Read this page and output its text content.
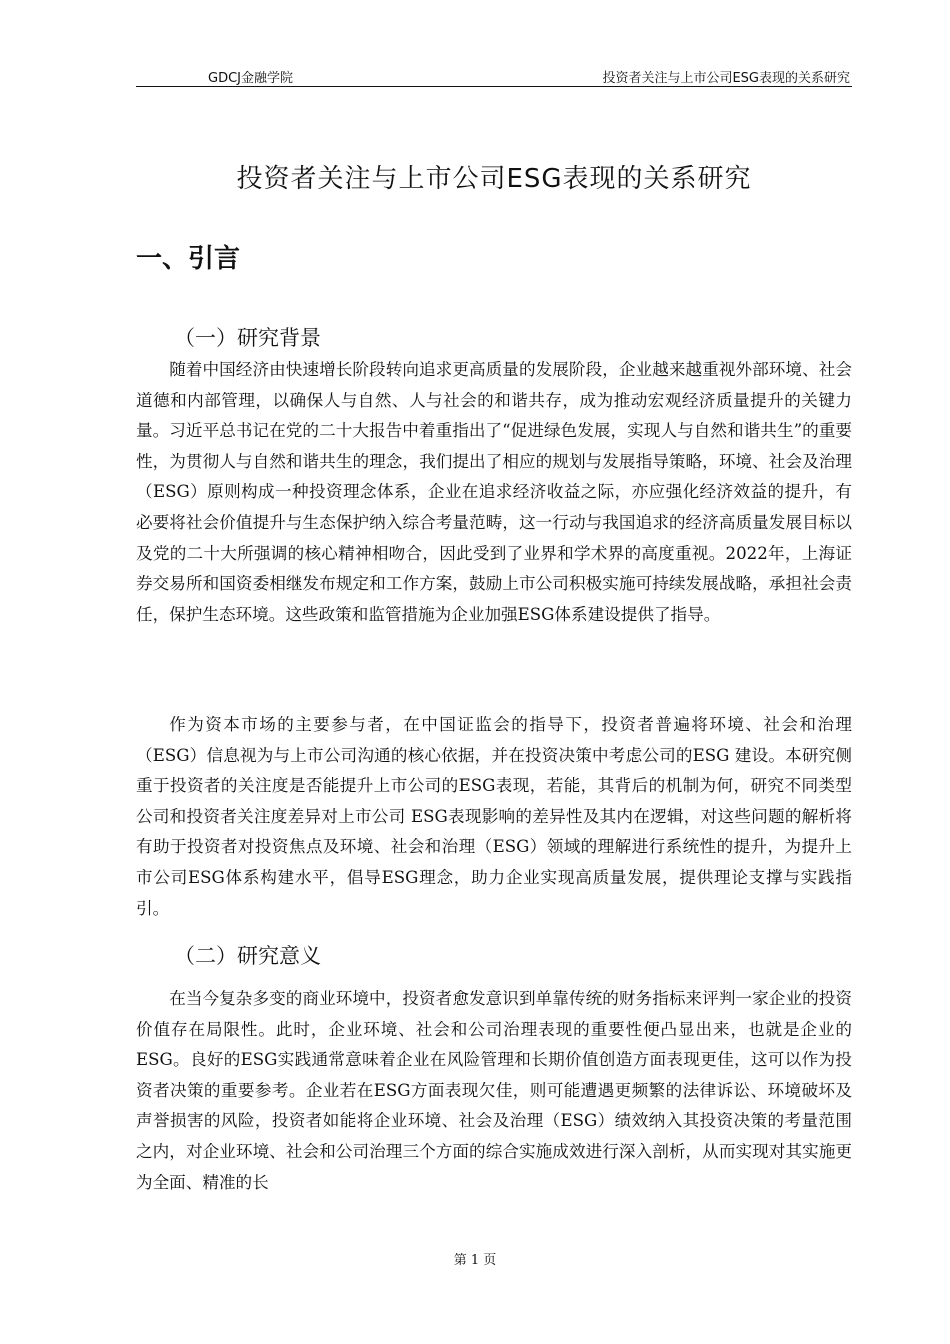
GDCJ金融学院	投资者关注与上市公司ESG表现的关系研究
投资者关注与上市公司ESG表现的关系研究
一、引言
（一）研究背景

随着中国经济由快速增长阶段转向追求更高质量的发展阶段，企业越来越重视外部环境、社会道德和内部管理，以确保人与自然、人与社会的和谐共存，成为推动宏观经济质量提升的关键力量。习近平总书记在党的二十大报告中着重指出了“促进绿色发展，实现人与自然和谐共生”的重要性，为贯彻人与自然和谐共生的理念，我们提出了相应的规划与发展指导策略，环境、社会及治理（ESG）原则构成一种投资理念体系，企业在追求经济收益之际，亦应强化经济效益的提升，有必要将社会价值提升与生态保护纳入综合考量范畴，这一行动与我国追求的经济高质量发展目标以及党的二十大所强调的核心精神相吻合，因此受到了业界和学术界的高度重视。2022年，上海证券交易所和国资委相继发布规定和工作方案，鼓励上市公司积极实施可持续发展战略，承担社会责任，保护生态环境。这些政策和监管措施为企业加强ESG体系建设提供了指导。

作为资本市场的主要参与者，在中国证监会的指导下，投资者普遍将环境、社会和治理（ESG）信息视为与上市公司沟通的核心依据，并在投资决策中考虑公司的ESG 建设。本研究侧重于投资者的关注度是否能提升上市公司的ESG表现，若能，其背后的机制为何，研究不同类型公司和投资者关注度差异对上市公司 ESG表现影响的差异性及其内在逻辑，对这些问题的解析将有助于投资者对投资焦点及环境、社会和治理（ESG）领域的理解进行系统性的提升，为提升上市公司ESG体系构建水平，倡导ESG理念，助力企业实现高质量发展，提供理论支撑与实践指引。

（二）研究意义

在当今复杂多变的商业环境中，投资者愈发意识到单靠传统的财务指标来评判一家企业的投资价值存在局限性。此时，企业环境、社会和公司治理表现的重要性便凸显出来，也就是企业的ESG。良好的ESG实践通常意味着企业在风险管理和长期价值创造方面表现更佳，这可以作为投资者决策的重要参考。企业若在ESG方面表现欠佳，则可能遭遇更频繁的法律诉讼、环境破坏及声誉损害的风险，投资者如能将企业环境、社会及治理（ESG）绩效纳入其投资决策的考量范围之内，对企业环境、社会和公司治理三个方面的综合实施成效进行深入剖析，从而实现对其实施更为全面、精准的长

第 1 页
